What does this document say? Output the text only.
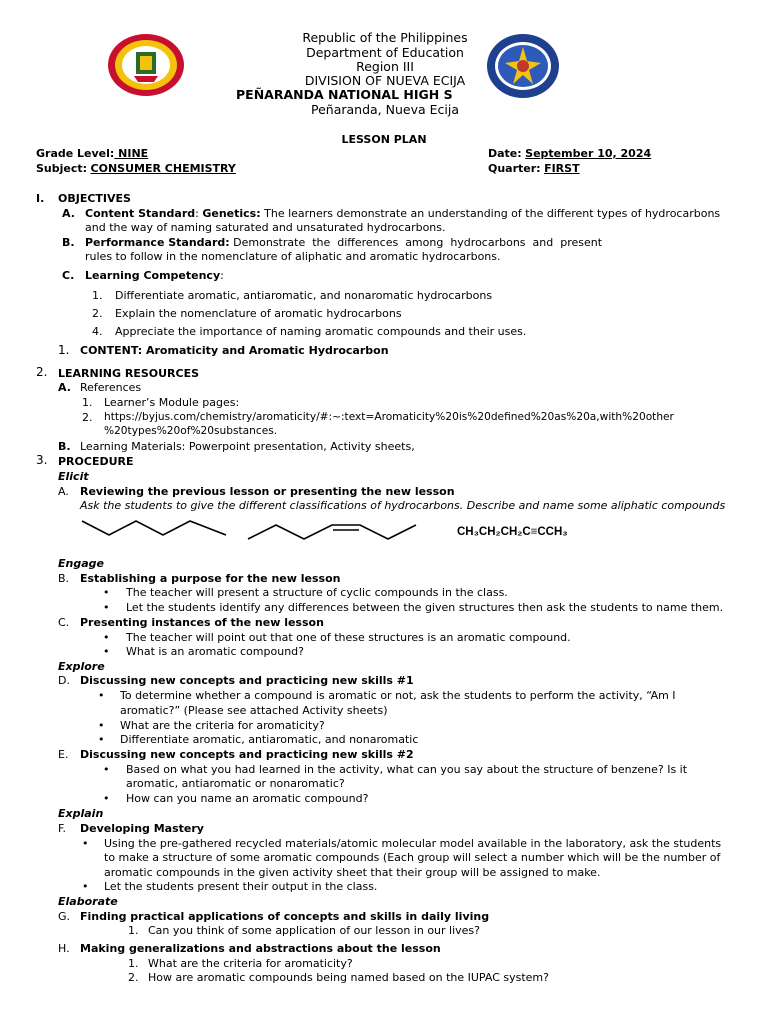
Republic of the Philippines
Department of Education
Region III
DIVISION OF NUEVA ECIJA
PEÑARANDA NATIONAL HIGH S
Peñaranda, Nueva Ecija
LESSON PLAN
Grade Level: NINE
Subject: CONSUMER CHEMISTRY
Date: September 10, 2024
Quarter: FIRST
I. OBJECTIVES
A. Content Standard: Genetics: The learners demonstrate an understanding of the different types of hydrocarbons
and the way of naming saturated and unsaturated hydrocarbons.
B. Performance Standard: Demonstrate  the  differences  among  hydrocarbons  and  present
rules to follow in the nomenclature of aliphatic and aromatic hydrocarbons.
C. Learning Competency:
1. Differentiate aromatic, antiaromatic, and nonaromatic hydrocarbons
2. Explain the nomenclature of aromatic hydrocarbons
4. Appreciate the importance of naming aromatic compounds and their uses.
1. CONTENT: Aromaticity and Aromatic Hydrocarbon
2. LEARNING RESOURCES
A. References
1. Learner’s Module pages:
2. https://byjus.com/chemistry/aromaticity/#:~:text=Aromaticity%20is%20defined%20as%20a,with%20other
%20types%20of%20substances.
B. Learning Materials: Powerpoint presentation, Activity sheets,
3. PROCEDURE
Elicit
A. Reviewing the previous lesson or presenting the new lesson
Ask the students to give the different classifications of hydrocarbons. Describe and name some aliphatic compounds
CH₃CH₂CH₂C≡CCH₃
Engage
B. Establishing a purpose for the new lesson
•
The teacher will present a structure of cyclic compounds in the class.
•
Let the students identify any differences between the given structures then ask the students to name them.
C. Presenting instances of the new lesson
•
The teacher will point out that one of these structures is an aromatic compound.
•
What is an aromatic compound?
Explore
D. Discussing new concepts and practicing new skills #1
•
To determine whether a compound is aromatic or not, ask the students to perform the activity, “Am I
aromatic?” (Please see attached Activity sheets)
•
What are the criteria for aromaticity?
•
Differentiate aromatic, antiaromatic, and nonaromatic
E. Discussing new concepts and practicing new skills #2
•
Based on what you had learned in the activity, what can you say about the structure of benzene? Is it
aromatic, antiaromatic or nonaromatic?
•
How can you name an aromatic compound?
Explain
F. Developing Mastery
•
Using the pre-gathered recycled materials/atomic molecular model available in the laboratory, ask the students
to make a structure of some aromatic compounds (Each group will select a number which will be the number of
aromatic compounds in the given activity sheet that their group will be assigned to make.
•
Let the students present their output in the class.
Elaborate
G. Finding practical applications of concepts and skills in daily living
1. Can you think of some application of our lesson in our lives?
H. Making generalizations and abstractions about the lesson
1. What are the criteria for aromaticity?
2. How are aromatic compounds being named based on the IUPAC system?
